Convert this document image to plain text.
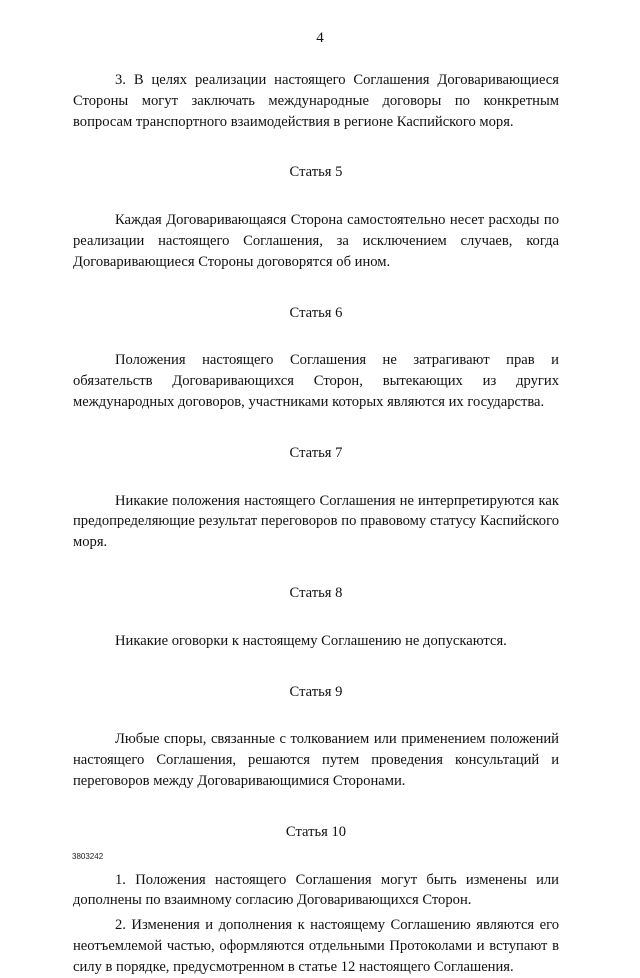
4

3. В целях реализации настоящего Соглашения Договаривающиеся Стороны могут заключать международные договоры по конкретным вопросам транспортного взаимодействия в регионе Каспийского моря.

Статья 5

Каждая Договаривающаяся Сторона самостоятельно несет расходы по реализации настоящего Соглашения, за исключением случаев, когда Договаривающиеся Стороны договорятся об ином.

Статья 6

Положения настоящего Соглашения не затрагивают прав и обязательств Договаривающихся Сторон, вытекающих из других международных договоров, участниками которых являются их государства.

Статья 7

Никакие положения настоящего Соглашения не интерпретируются как предопределяющие результат переговоров по правовому статусу Каспийского моря.

Статья 8

Никакие оговорки к настоящему Соглашению не допускаются.

Статья 9

Любые споры, связанные с толкованием или применением положений настоящего Соглашения, решаются путем проведения консультаций и переговоров между Договаривающимися Сторонами.

Статья 10

1. Положения настоящего Соглашения могут быть изменены или дополнены по взаимному согласию Договаривающихся Сторон.

2. Изменения и дополнения к настоящему Соглашению являются его неотъемлемой частью, оформляются отдельными Протоколами и вступают в силу в порядке, предусмотренном в статье 12 настоящего Соглашения.

3803242
